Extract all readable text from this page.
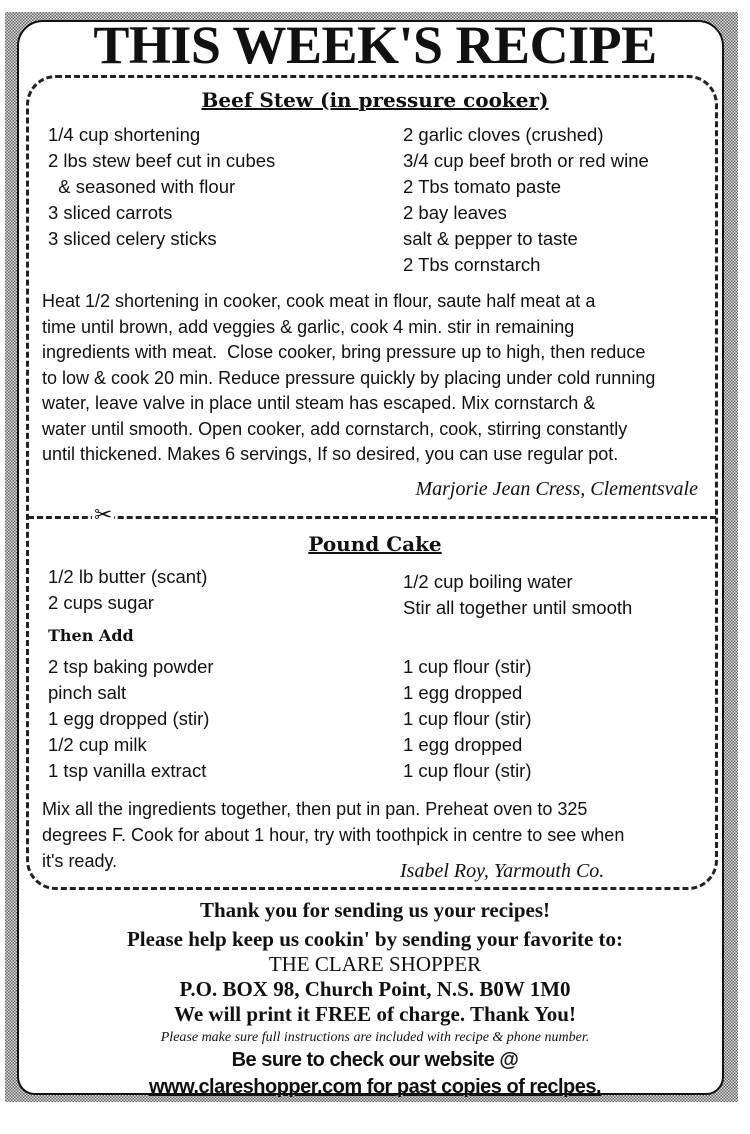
✂
THIS WEEK'S RECIPE
Beef Stew (in pressure cooker)
1/4 cup shortening
2 lbs stew beef cut in cubes
& seasoned with flour
3 sliced carrots
3 sliced celery sticks
2 garlic cloves (crushed)
3/4 cup beef broth or red wine
2 Tbs tomato paste
2 bay leaves
salt & pepper to taste
2 Tbs cornstarch
Heat 1/2 shortening in cooker, cook meat in flour, saute half meat at a
time until brown, add veggies & garlic, cook 4 min. stir in remaining
ingredients with meat.  Close cooker, bring pressure up to high, then reduce
to low & cook 20 min. Reduce pressure quickly by placing under cold running
water, leave valve in place until steam has escaped. Mix cornstarch &
water until smooth. Open cooker, add cornstarch, cook, stirring constantly
until thickened. Makes 6 servings, If so desired, you can use regular pot.
Marjorie Jean Cress, Clementsvale
Pound Cake
1/2 lb butter (scant)
2 cups sugar
1/2 cup boiling water
Stir all together until smooth
Then Add
2 tsp baking powder
pinch salt
1 egg dropped (stir)
1/2 cup milk
1 tsp vanilla extract
1 cup flour (stir)
1 egg dropped
1 cup flour (stir)
1 egg dropped
1 cup flour (stir)
Mix all the ingredients together, then put in pan. Preheat oven to 325
degrees F. Cook for about 1 hour, try with toothpick in centre to see when
it's ready.	Isabel Roy, Yarmouth Co.
Thank you for sending us your recipes!
Please help keep us cookin' by sending your favorite to:
THE CLARE SHOPPER
P.O. BOX 98, Church Point, N.S. B0W 1M0
We will print it FREE of charge. Thank You!
Please make sure full instructions are included with recipe & phone number.
Be sure to check our website @
www.clareshopper.com for past copies of reclpes.
